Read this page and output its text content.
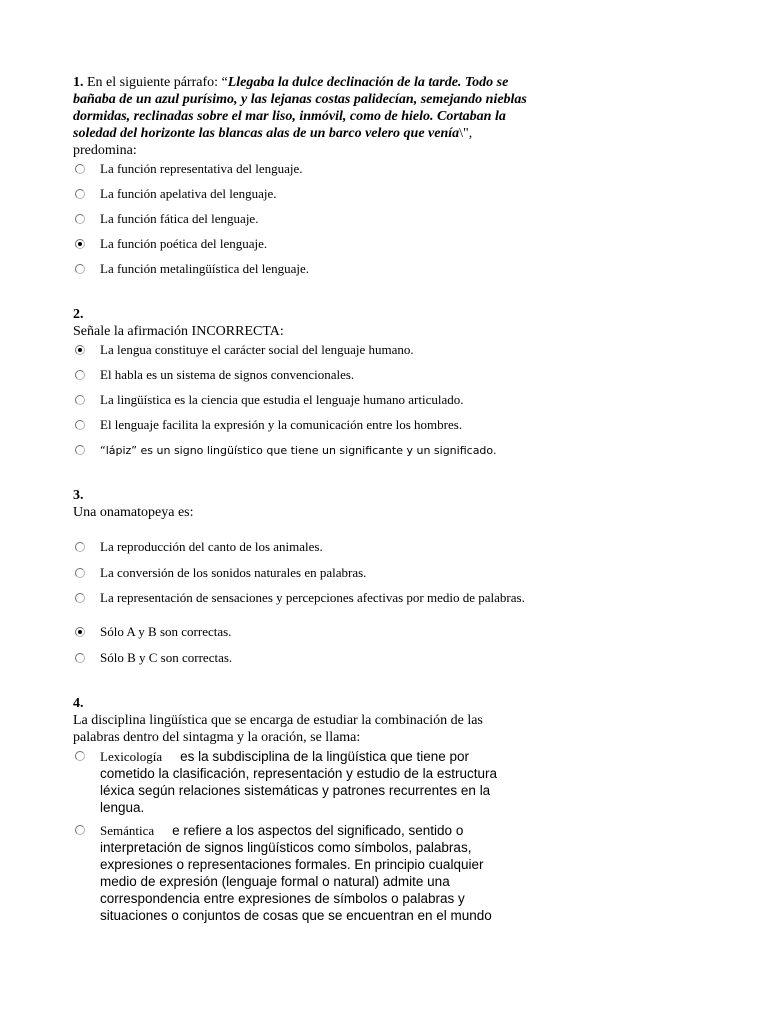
1. En el siguiente párrafo: “Llegaba la dulce declinación de la tarde. Todo se bañaba de un azul purísimo, y las lejanas costas palidecían, semejando nieblas dormidas, reclinadas sobre el mar liso, inmóvil, como de hielo. Cortaban la soledad del horizonte las blancas alas de un barco velero que venía\", predomina:

La función representativa del lenguaje.
La función apelativa del lenguaje.
La función fática del lenguaje.
La función poética del lenguaje.
La función metalingüística del lenguaje.
2.
Señale la afirmación INCORRECTA:
La lengua constituye el carácter social del lenguaje humano.
El habla es un sistema de signos convencionales.
La lingüística es la ciencia que estudia el lenguaje humano articulado.
El lenguaje facilita la expresión y la comunicación entre los hombres.
“lápiz” es un signo lingüístico que tiene un significante y un significado.
3.
Una onamatopeya es:
La reproducción del canto de los animales.
La conversión de los sonidos naturales en palabras.
La representación de sensaciones y percepciones afectivas por medio de palabras.
Sólo A y B son correctas.
Sólo B y C son correctas.
4.
La disciplina lingüística que se encarga de estudiar la combinación de las palabras dentro del sintagma y la oración, se llama:
Lexicología es la subdisciplina de la lingüística que tiene por cometido la clasificación, representación y estudio de la estructura léxica según relaciones sistemáticas y patrones recurrentes en la lengua.
Semántica e refiere a los aspectos del significado, sentido o interpretación de signos lingüísticos como símbolos, palabras, expresiones o representaciones formales. En principio cualquier medio de expresión (lenguaje formal o natural) admite una correspondencia entre expresiones de símbolos o palabras y situaciones o conjuntos de cosas que se encuentran en el mundo
